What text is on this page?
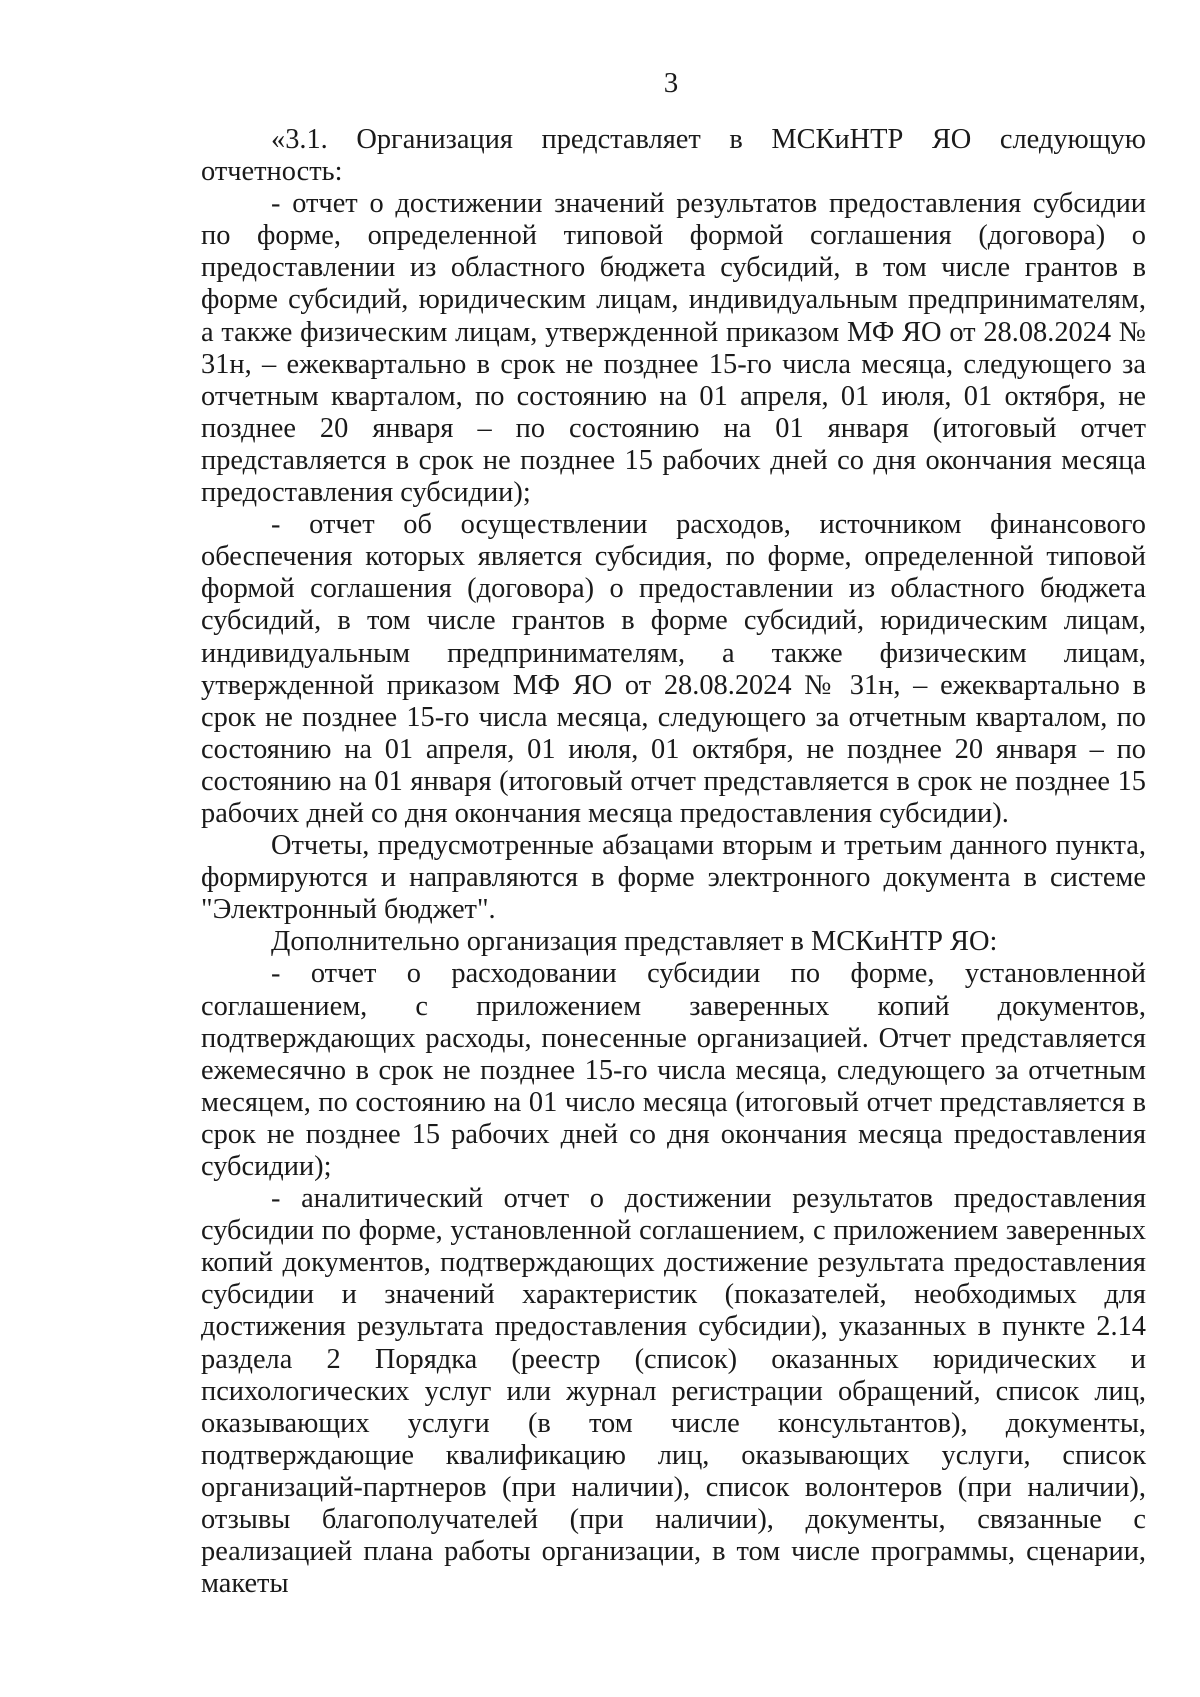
3

«3.1. Организация представляет в МСКиНТР ЯО следующую отчетность:

- отчет о достижении значений результатов предоставления субсидии по форме, определенной типовой формой соглашения (договора) о предоставлении из областного бюджета субсидий, в том числе грантов в форме субсидий, юридическим лицам, индивидуальным предпринимателям, а также физическим лицам, утвержденной приказом МФ ЯО от 28.08.2024 № 31н, – ежеквартально в срок не позднее 15-го числа месяца, следующего за отчетным кварталом, по состоянию на 01 апреля, 01 июля, 01 октября, не позднее 20 января – по состоянию на 01 января (итоговый отчет представляется в срок не позднее 15 рабочих дней со дня окончания месяца предоставления субсидии);

- отчет об осуществлении расходов, источником финансового обеспечения которых является субсидия, по форме, определенной типовой формой соглашения (договора) о предоставлении из областного бюджета субсидий, в том числе грантов в форме субсидий, юридическим лицам, индивидуальным предпринимателям, а также физическим лицам, утвержденной приказом МФ ЯО от 28.08.2024 № 31н, – ежеквартально в срок не позднее 15-го числа месяца, следующего за отчетным кварталом, по состоянию на 01 апреля, 01 июля, 01 октября, не позднее 20 января – по состоянию на 01 января (итоговый отчет представляется в срок не позднее 15 рабочих дней со дня окончания месяца предоставления субсидии).

Отчеты, предусмотренные абзацами вторым и третьим данного пункта, формируются и направляются в форме электронного документа в системе "Электронный бюджет".

Дополнительно организация представляет в МСКиНТР ЯО:

- отчет о расходовании субсидии по форме, установленной соглашением, с приложением заверенных копий документов, подтверждающих расходы, понесенные организацией. Отчет представляется ежемесячно в срок не позднее 15-го числа месяца, следующего за отчетным месяцем, по состоянию на 01 число месяца (итоговый отчет представляется в срок не позднее 15 рабочих дней со дня окончания месяца предоставления субсидии);

- аналитический отчет о достижении результатов предоставления субсидии по форме, установленной соглашением, с приложением заверенных копий документов, подтверждающих достижение результата предоставления субсидии и значений характеристик (показателей, необходимых для достижения результата предоставления субсидии), указанных в пункте 2.14 раздела 2 Порядка (реестр (список) оказанных юридических и психологических услуг или журнал регистрации обращений, список лиц, оказывающих услуги (в том числе консультантов), документы, подтверждающие квалификацию лиц, оказывающих услуги, список организаций-партнеров (при наличии), список волонтеров (при наличии), отзывы благополучателей (при наличии), документы, связанные с реализацией плана работы организации, в том числе программы, сценарии, макеты
